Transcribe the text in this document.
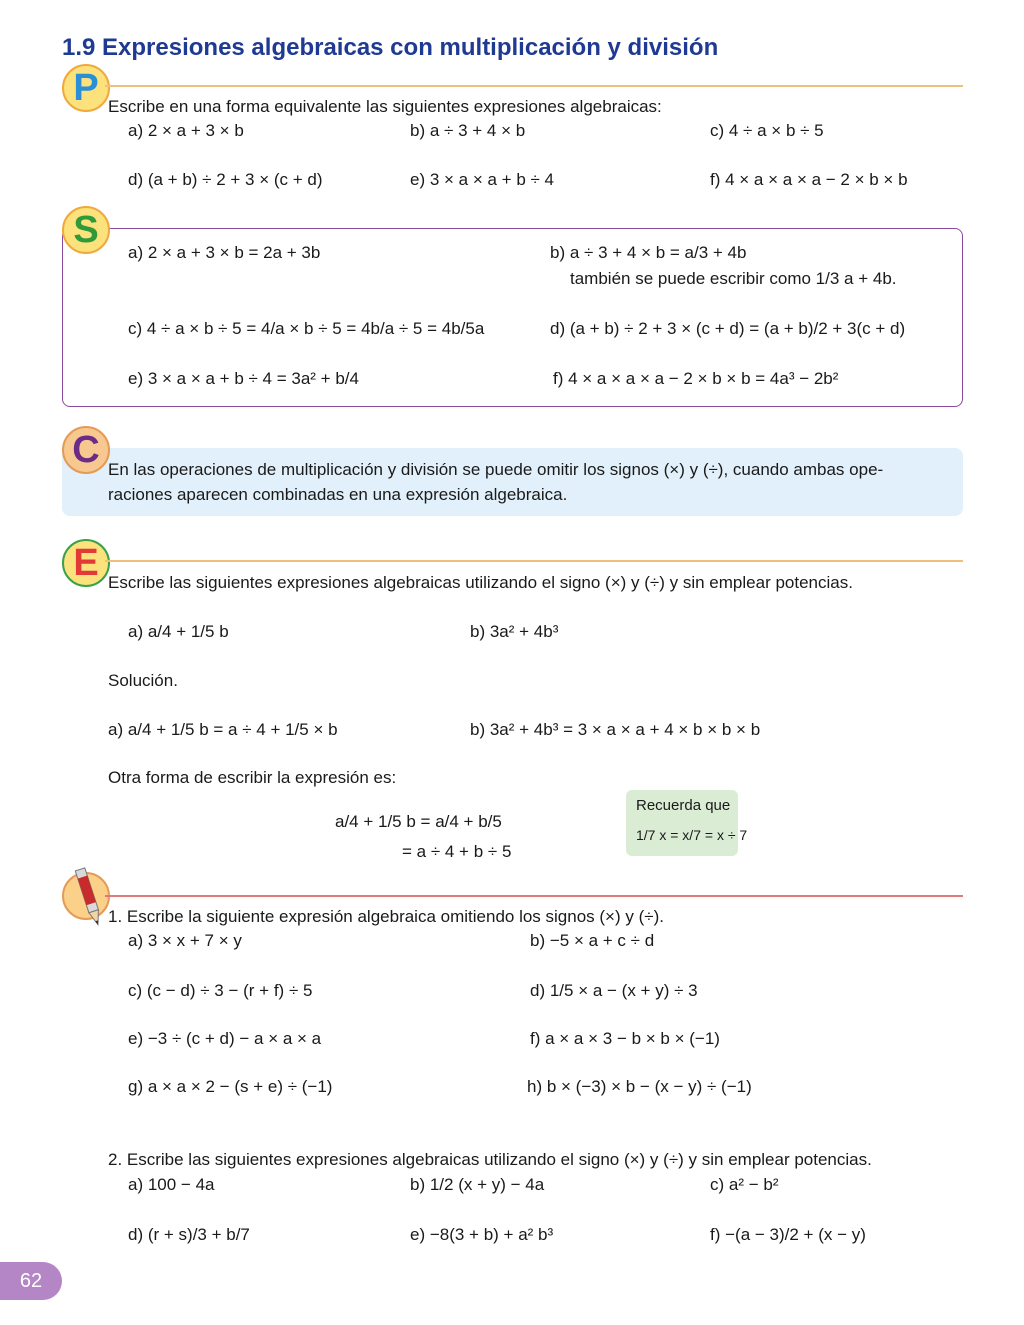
1.9 Expresiones algebraicas con multiplicación y división
P Escribe en una forma equivalente las siguientes expresiones algebraicas:
a) 2 × a + 3 × b	b) a ÷ 3 + 4 × b	c) 4 ÷ a × b ÷ 5
d) (a + b) ÷ 2 + 3 × (c + d)	e) 3 × a × a + b ÷ 4	f) 4 × a × a × a − 2 × b × b
S
a) 2 × a + 3 × b = 2a + 3b	b) a ÷ 3 + 4 × b = a/3 + 4b
también se puede escribir como 1/3 a + 4b.
c) 4 ÷ a × b ÷ 5 = 4/a × b ÷ 5 = 4b/a ÷ 5 = 4b/5a	d) (a + b) ÷ 2 + 3 × (c + d) = (a + b)/2 + 3(c + d)
e) 3 × a × a + b ÷ 4 = 3a² + b/4	f) 4 × a × a × a − 2 × b × b = 4a³ − 2b²
C En las operaciones de multiplicación y división se puede omitir los signos (×) y (÷), cuando ambas ope-
raciones aparecen combinadas en una expresión algebraica.
E Escribe las siguientes expresiones algebraicas utilizando el signo (×) y (÷) y sin emplear potencias.
a) a/4 + 1/5 b	b) 3a² + 4b³
Solución.
a) a/4 + 1/5 b = a ÷ 4 + 1/5 × b	b) 3a² + 4b³ = 3 × a × a + 4 × b × b × b
Otra forma de escribir la expresión es:
a/4 + 1/5 b = a/4 + b/5
= a ÷ 4 + b ÷ 5
Recuerda que
1/7 x = x/7 = x ÷ 7
1. Escribe la siguiente expresión algebraica omitiendo los signos (×) y (÷).
a) 3 × x + 7 × y	b) −5 × a + c ÷ d
c) (c − d) ÷ 3 − (r + f) ÷ 5	d) 1/5 × a − (x + y) ÷ 3
e) −3 ÷ (c + d) − a × a × a	f) a × a × 3 − b × b × (−1)
g) a × a × 2 − (s + e) ÷ (−1)	h) b × (−3) × b − (x − y) ÷ (−1)
2. Escribe las siguientes expresiones algebraicas utilizando el signo (×) y (÷) y sin emplear potencias.
a) 100 − 4a	b) 1/2 (x + y) − 4a	c) a² − b²
d) (r + s)/3 + b/7	e) −8(3 + b) + a² b³	f) −(a − 3)/2 + (x − y)
62
